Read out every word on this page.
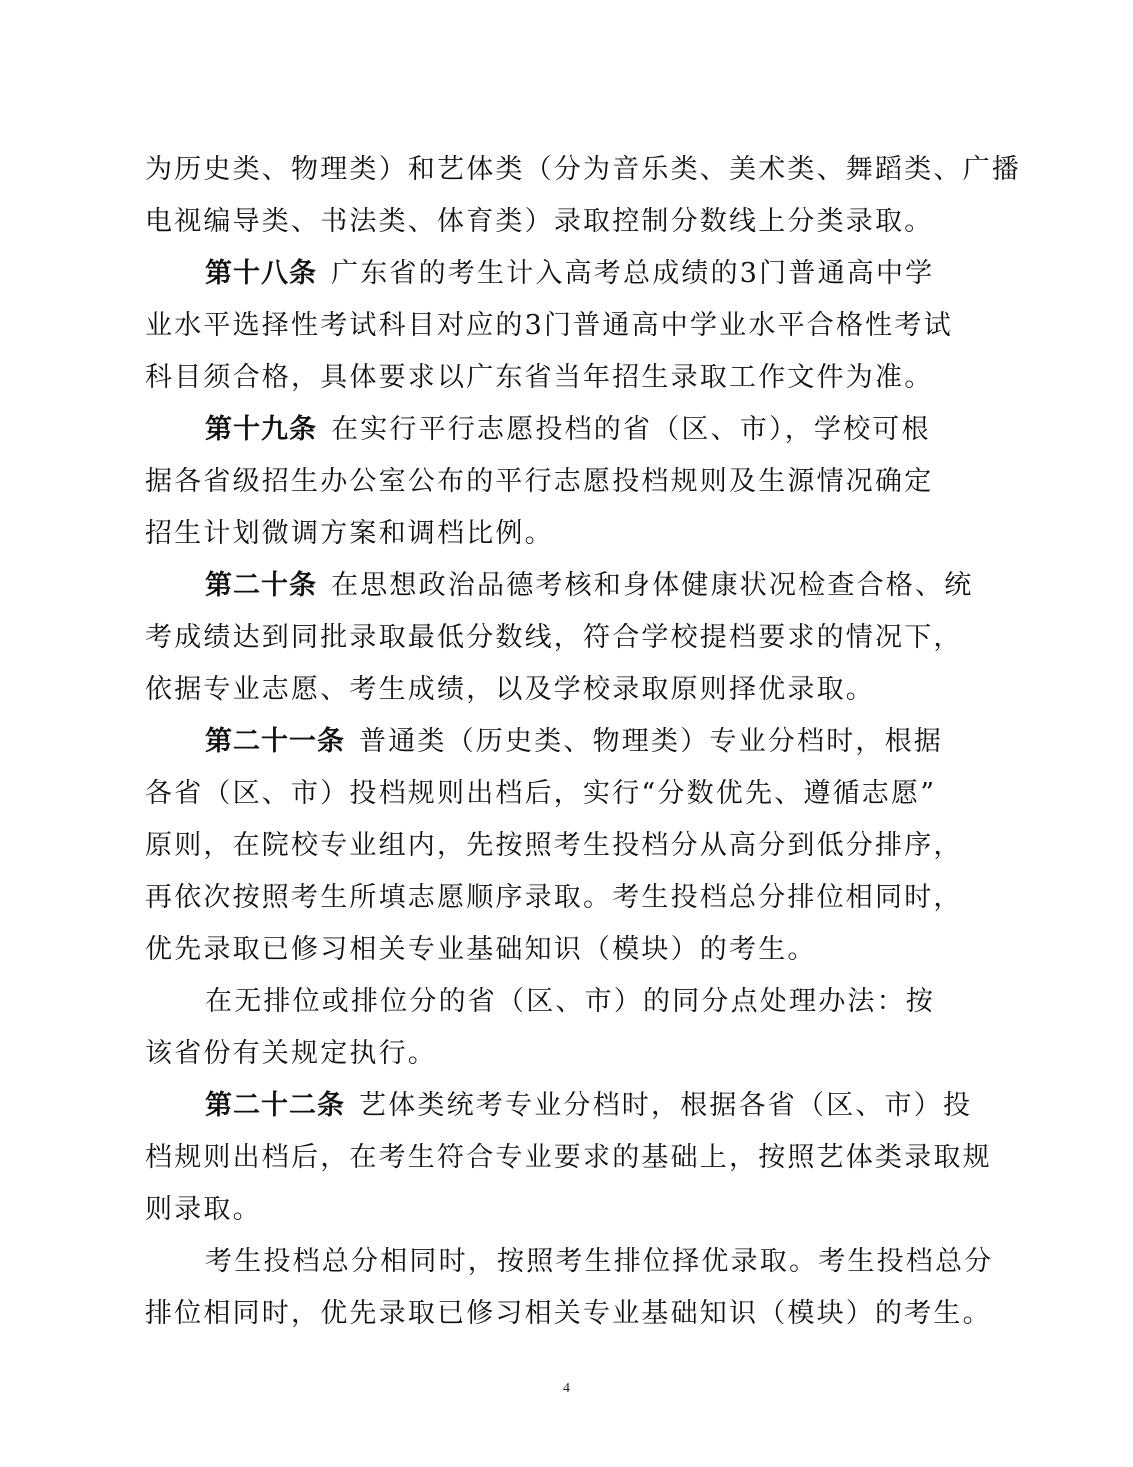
为历史类、物理类）和艺体类（分为音乐类、美术类、舞蹈类、广播
电视编导类、书法类、体育类）录取控制分数线上分类录取。
第十八条 广东省的考生计入高考总成绩的3门普通高中学
业水平选择性考试科目对应的3门普通高中学业水平合格性考试
科目须合格，具体要求以广东省当年招生录取工作文件为准。
第十九条 在实行平行志愿投档的省（区、市），学校可根
据各省级招生办公室公布的平行志愿投档规则及生源情况确定
招生计划微调方案和调档比例。
第二十条 在思想政治品德考核和身体健康状况检查合格、统
考成绩达到同批录取最低分数线，符合学校提档要求的情况下，
依据专业志愿、考生成绩，以及学校录取原则择优录取。
第二十一条 普通类（历史类、物理类）专业分档时，根据
各省（区、市）投档规则出档后，实行“分数优先、遵循志愿”
原则，在院校专业组内，先按照考生投档分从高分到低分排序，
再依次按照考生所填志愿顺序录取。考生投档总分排位相同时，
优先录取已修习相关专业基础知识（模块）的考生。
在无排位或排位分的省（区、市）的同分点处理办法：按
该省份有关规定执行。
第二十二条 艺体类统考专业分档时，根据各省（区、市）投
档规则出档后，在考生符合专业要求的基础上，按照艺体类录取规
则录取。
考生投档总分相同时，按照考生排位择优录取。考生投档总分
排位相同时，优先录取已修习相关专业基础知识（模块）的考生。
4
